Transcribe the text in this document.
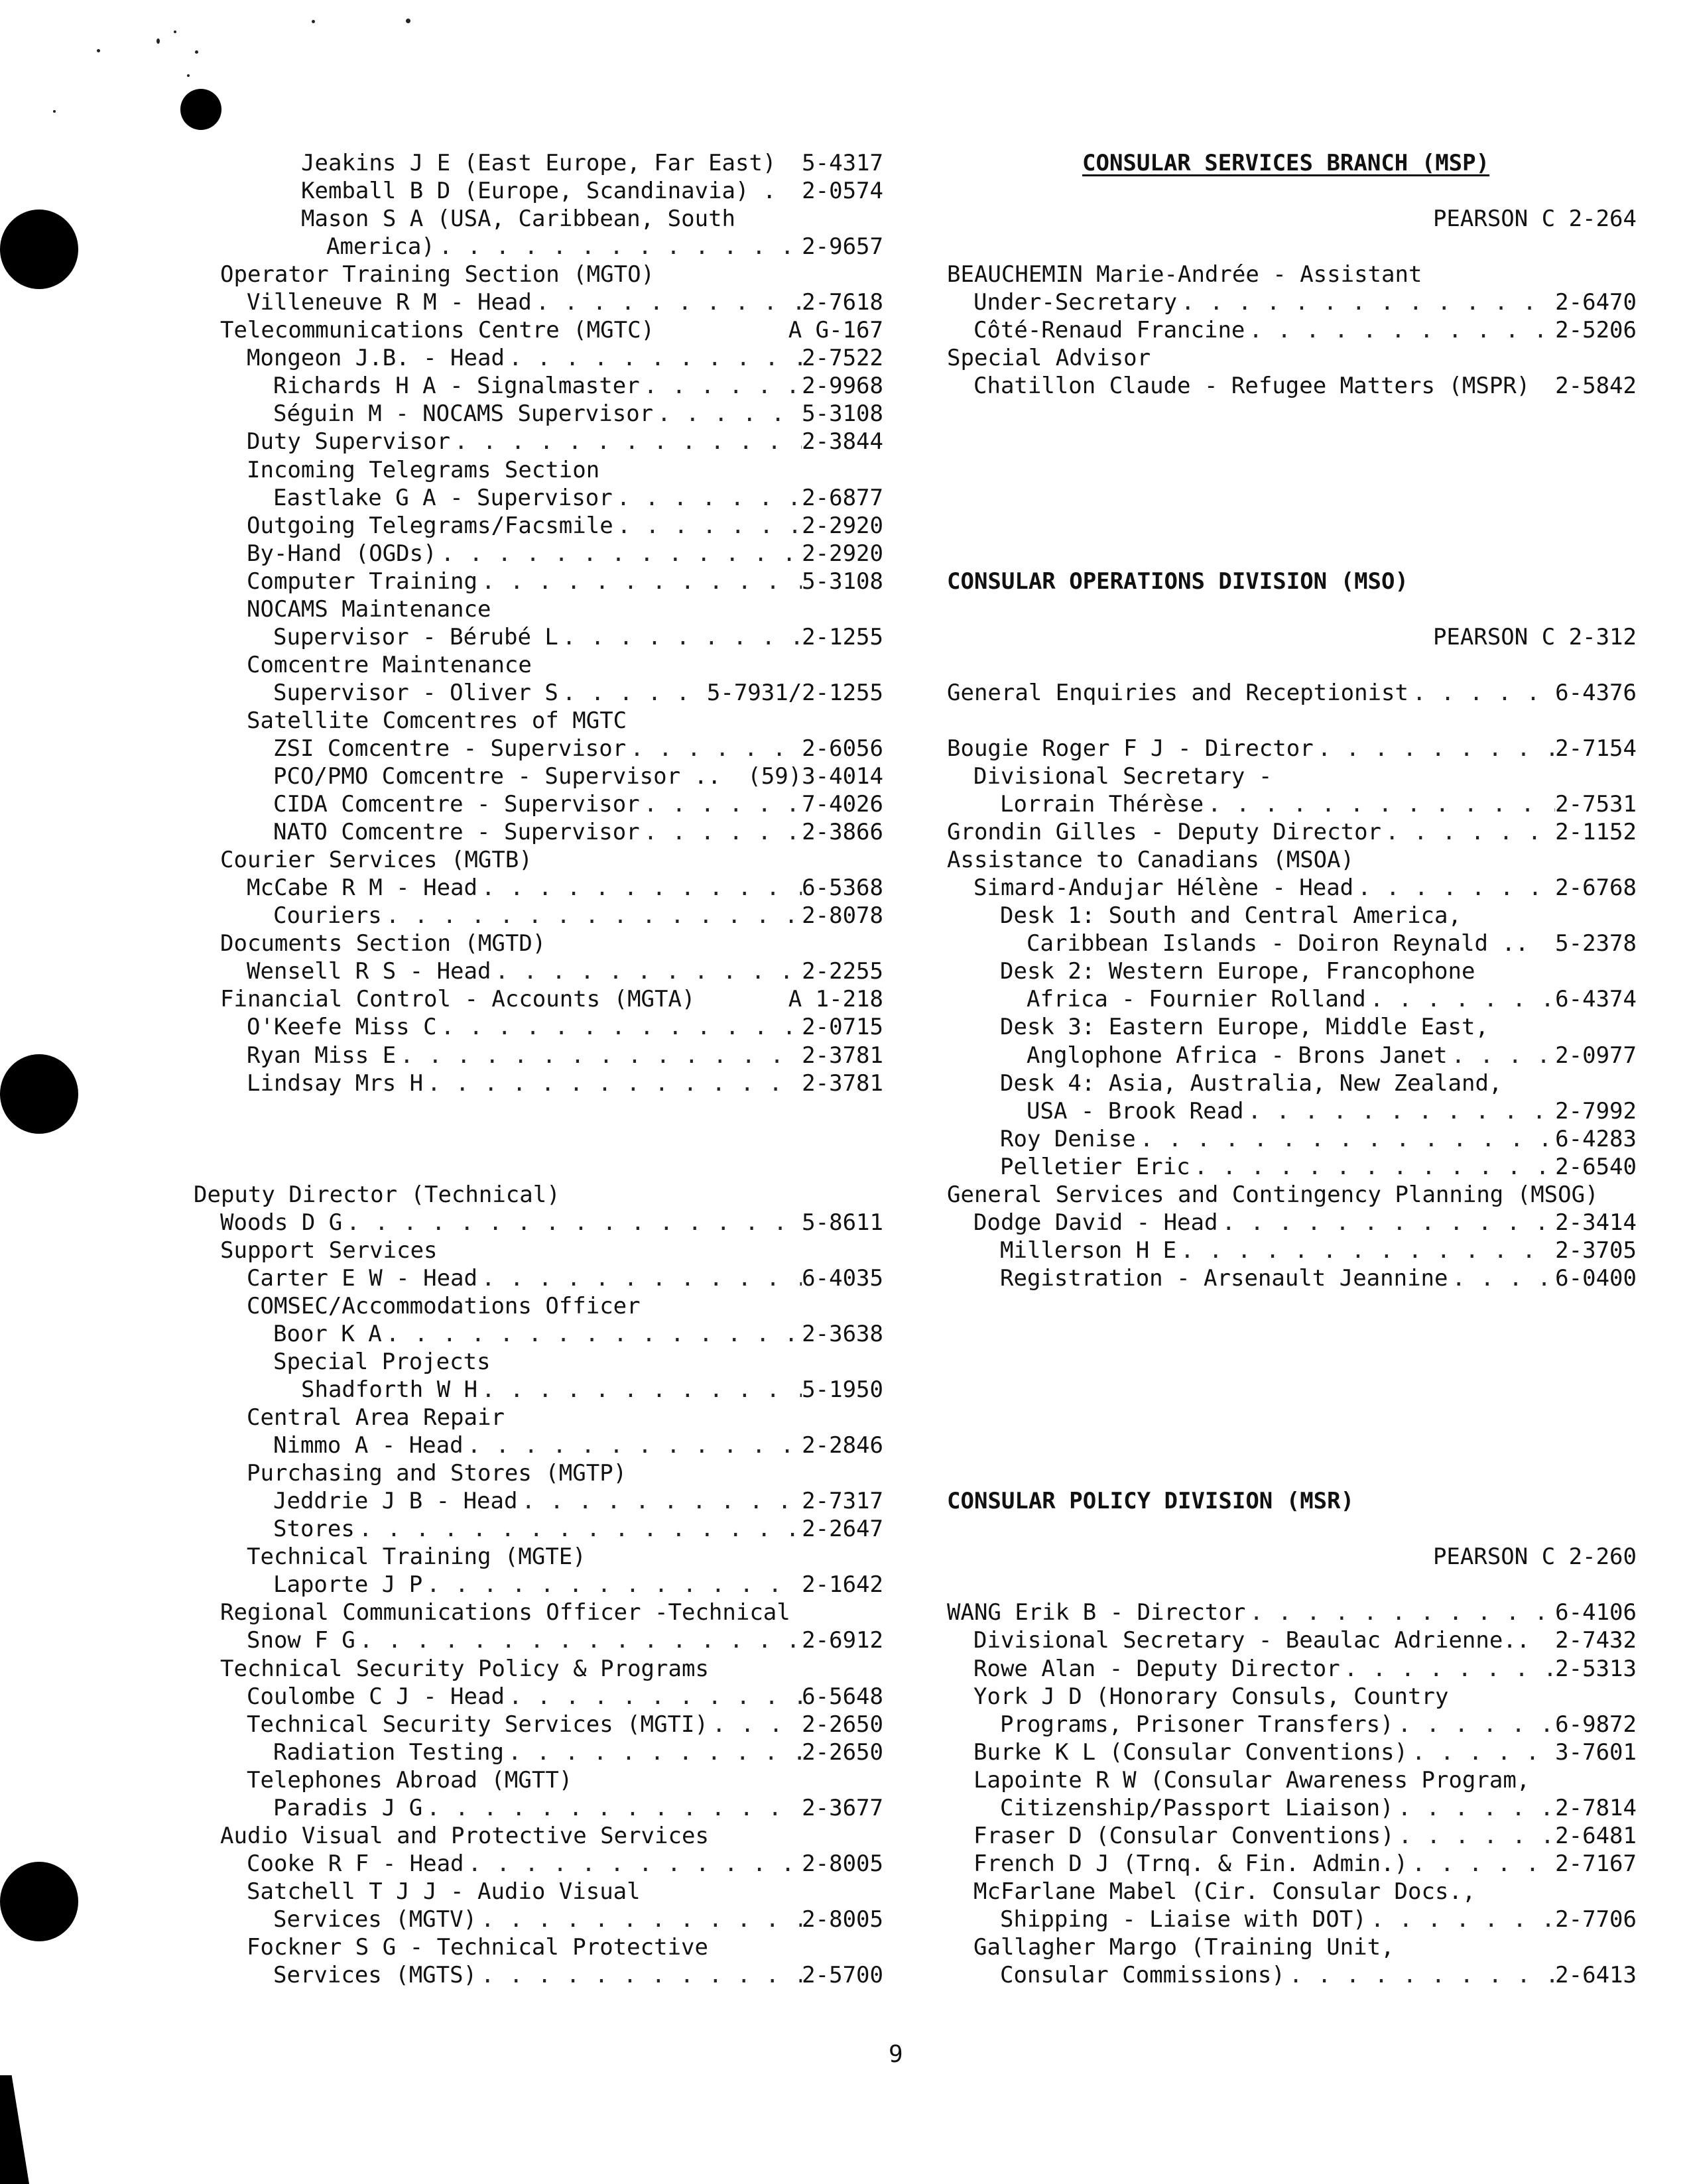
Jeakins J E (East Europe, Far East) 5-4317
Kemball B D (Europe, Scandinavia) . 2-0574
Mason S A (USA, Caribbean, South
America) . . .	2-9657
Operator Training Section (MGTO)
Villeneuve R M - Head . . .	2-7618
Telecommunications Centre (MGTC)	A G-167
Mongeon J.B. - Head . . .	2-7522
Richards H A - Signalmaster . . .	2-9968
Séguin M - NOCAMS Supervisor . . .	5-3108
Duty Supervisor . . .	2-3844
Incoming Telegrams Section
Eastlake G A - Supervisor . . .	2-6877
Outgoing Telegrams/Facsmile . . .	2-2920
By-Hand (OGDs) . . .	2-2920
Computer Training . . .	5-3108
NOCAMS Maintenance
Supervisor - Bérubé L . . .	2-1255
Comcentre Maintenance
Supervisor - Oliver S . . .	5-7931/2-1255
Satellite Comcentres of MGTC
ZSI Comcentre - Supervisor . . .	2-6056
PCO/PMO Comcentre - Supervisor .. (59)3-4014
CIDA Comcentre - Supervisor . . .	7-4026
NATO Comcentre - Supervisor . . .	2-3866
Courier Services (MGTB)
McCabe R M - Head . . .	6-5368
Couriers . . .	2-8078
Documents Section (MGTD)
Wensell R S - Head . . .	2-2255
Financial Control - Accounts (MGTA)	A 1-218
O'Keefe Miss C . . .	2-0715
Ryan Miss E . . .	2-3781
Lindsay Mrs H . . .	2-3781
Deputy Director (Technical)
Woods D G . . .	5-8611
Support Services
Carter E W - Head . . .	6-4035
COMSEC/Accommodations Officer
Boor K A . . .	2-3638
Special Projects
Shadforth W H . . .	5-1950
Central Area Repair
Nimmo A - Head . . .	2-2846
Purchasing and Stores (MGTP)
Jeddrie J B - Head . . .	2-7317
Stores . . .	2-2647
Technical Training (MGTE)
Laporte J P . . .	2-1642
Regional Communications Officer -Technical
Snow F G . . .	2-6912
Technical Security Policy & Programs
Coulombe C J - Head . . .	6-5648
Technical Security Services (MGTI) . . .	2-2650
Radiation Testing . . .	2-2650
Telephones Abroad (MGTT)
Paradis J G . . .	2-3677
Audio Visual and Protective Services
Cooke R F - Head . . .	2-8005
Satchell T J J - Audio Visual
Services (MGTV) . . .	2-8005
Fockner S G - Technical Protective
Services (MGTS) . . .	2-5700
CONSULAR SERVICES BRANCH (MSP)
PEARSON C 2-264
BEAUCHEMIN Marie-Andrée - Assistant
Under-Secretary . . .	2-6470
Côté-Renaud Francine . . .	2-5206
Special Advisor
Chatillon Claude - Refugee Matters (MSPR) 2-5842
CONSULAR OPERATIONS DIVISION (MSO)
PEARSON C 2-312
General Enquiries and Receptionist . . .	6-4376
Bougie Roger F J - Director . . .	2-7154
Divisional Secretary -
Lorrain Thérèse . . .	2-7531
Grondin Gilles - Deputy Director . . .	2-1152
Assistance to Canadians (MSOA)
Simard-Andujar Hélène - Head . . .	2-6768
Desk 1: South and Central America,
Caribbean Islands - Doiron Reynald .. 5-2378
Desk 2: Western Europe, Francophone
Africa - Fournier Rolland . . .	6-4374
Desk 3: Eastern Europe, Middle East,
Anglophone Africa - Brons Janet . . .	2-0977
Desk 4: Asia, Australia, New Zealand,
USA - Brook Read . . .	2-7992
Roy Denise . . .	6-4283
Pelletier Eric . . .	2-6540
General Services and Contingency Planning (MSOG)
Dodge David - Head . . .	2-3414
Millerson H E . . .	2-3705
Registration - Arsenault Jeannine . . .	6-0400
CONSULAR POLICY DIVISION (MSR)
PEARSON C 2-260
WANG Erik B - Director . . .	6-4106
Divisional Secretary - Beaulac Adrienne.. 2-7432
Rowe Alan - Deputy Director . . .	2-5313
York J D (Honorary Consuls, Country
Programs, Prisoner Transfers) . . .	6-9872
Burke K L (Consular Conventions) . . .	3-7601
Lapointe R W (Consular Awareness Program,
Citizenship/Passport Liaison) . . .	2-7814
Fraser D (Consular Conventions) . . .	2-6481
French D J (Trnq. & Fin. Admin.) . . .	2-7167
McFarlane Mabel (Cir. Consular Docs.,
Shipping - Liaise with DOT) . . .	2-7706
Gallagher Margo (Training Unit,
Consular Commissions) . . .	2-6413
9
